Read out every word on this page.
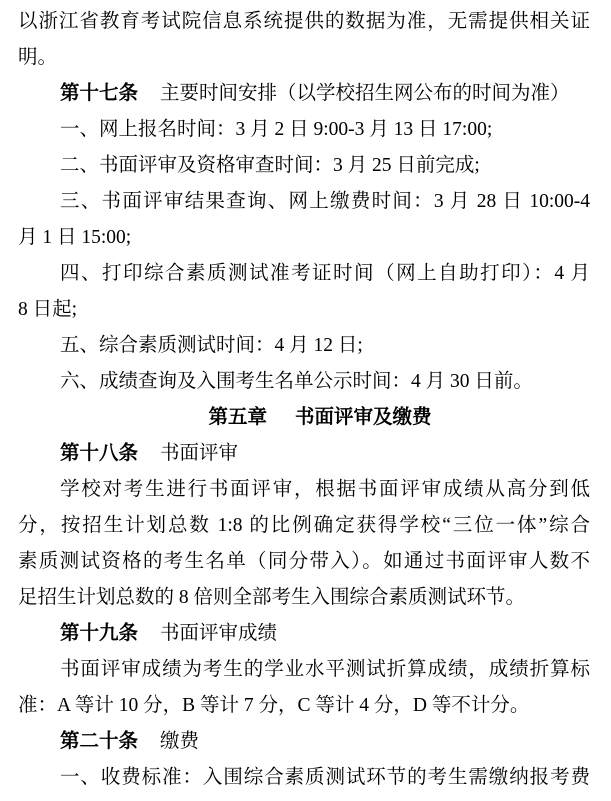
以浙江省教育考试院信息系统提供的数据为准，无需提供相关证
明。
第十七条 主要时间安排（以学校招生网公布的时间为准）
一、网上报名时间：3 月 2 日 9:00-3 月 13 日 17:00;
二、书面评审及资格审查时间：3 月 25 日前完成;
三、书面评审结果查询、网上缴费时间：3 月 28 日 10:00-4
月 1 日 15:00;
四、打印综合素质测试准考证时间（网上自助打印）：4 月
8 日起;
五、综合素质测试时间：4 月 12 日;
六、成绩查询及入围考生名单公示时间：4 月 30 日前。
第五章 书面评审及缴费
第十八条 书面评审
学校对考生进行书面评审，根据书面评审成绩从高分到低
分，按招生计划总数 1:8 的比例确定获得学校“三位一体”综合
素质测试资格的考生名单（同分带入）。如通过书面评审人数不
足招生计划总数的 8 倍则全部考生入围综合素质测试环节。
第十九条 书面评审成绩
书面评审成绩为考生的学业水平测试折算成绩，成绩折算标
准：A 等计 10 分，B 等计 7 分，C 等计 4 分，D 等不计分。
第二十条 缴费
一、收费标准：入围综合素质测试环节的考生需缴纳报考费
